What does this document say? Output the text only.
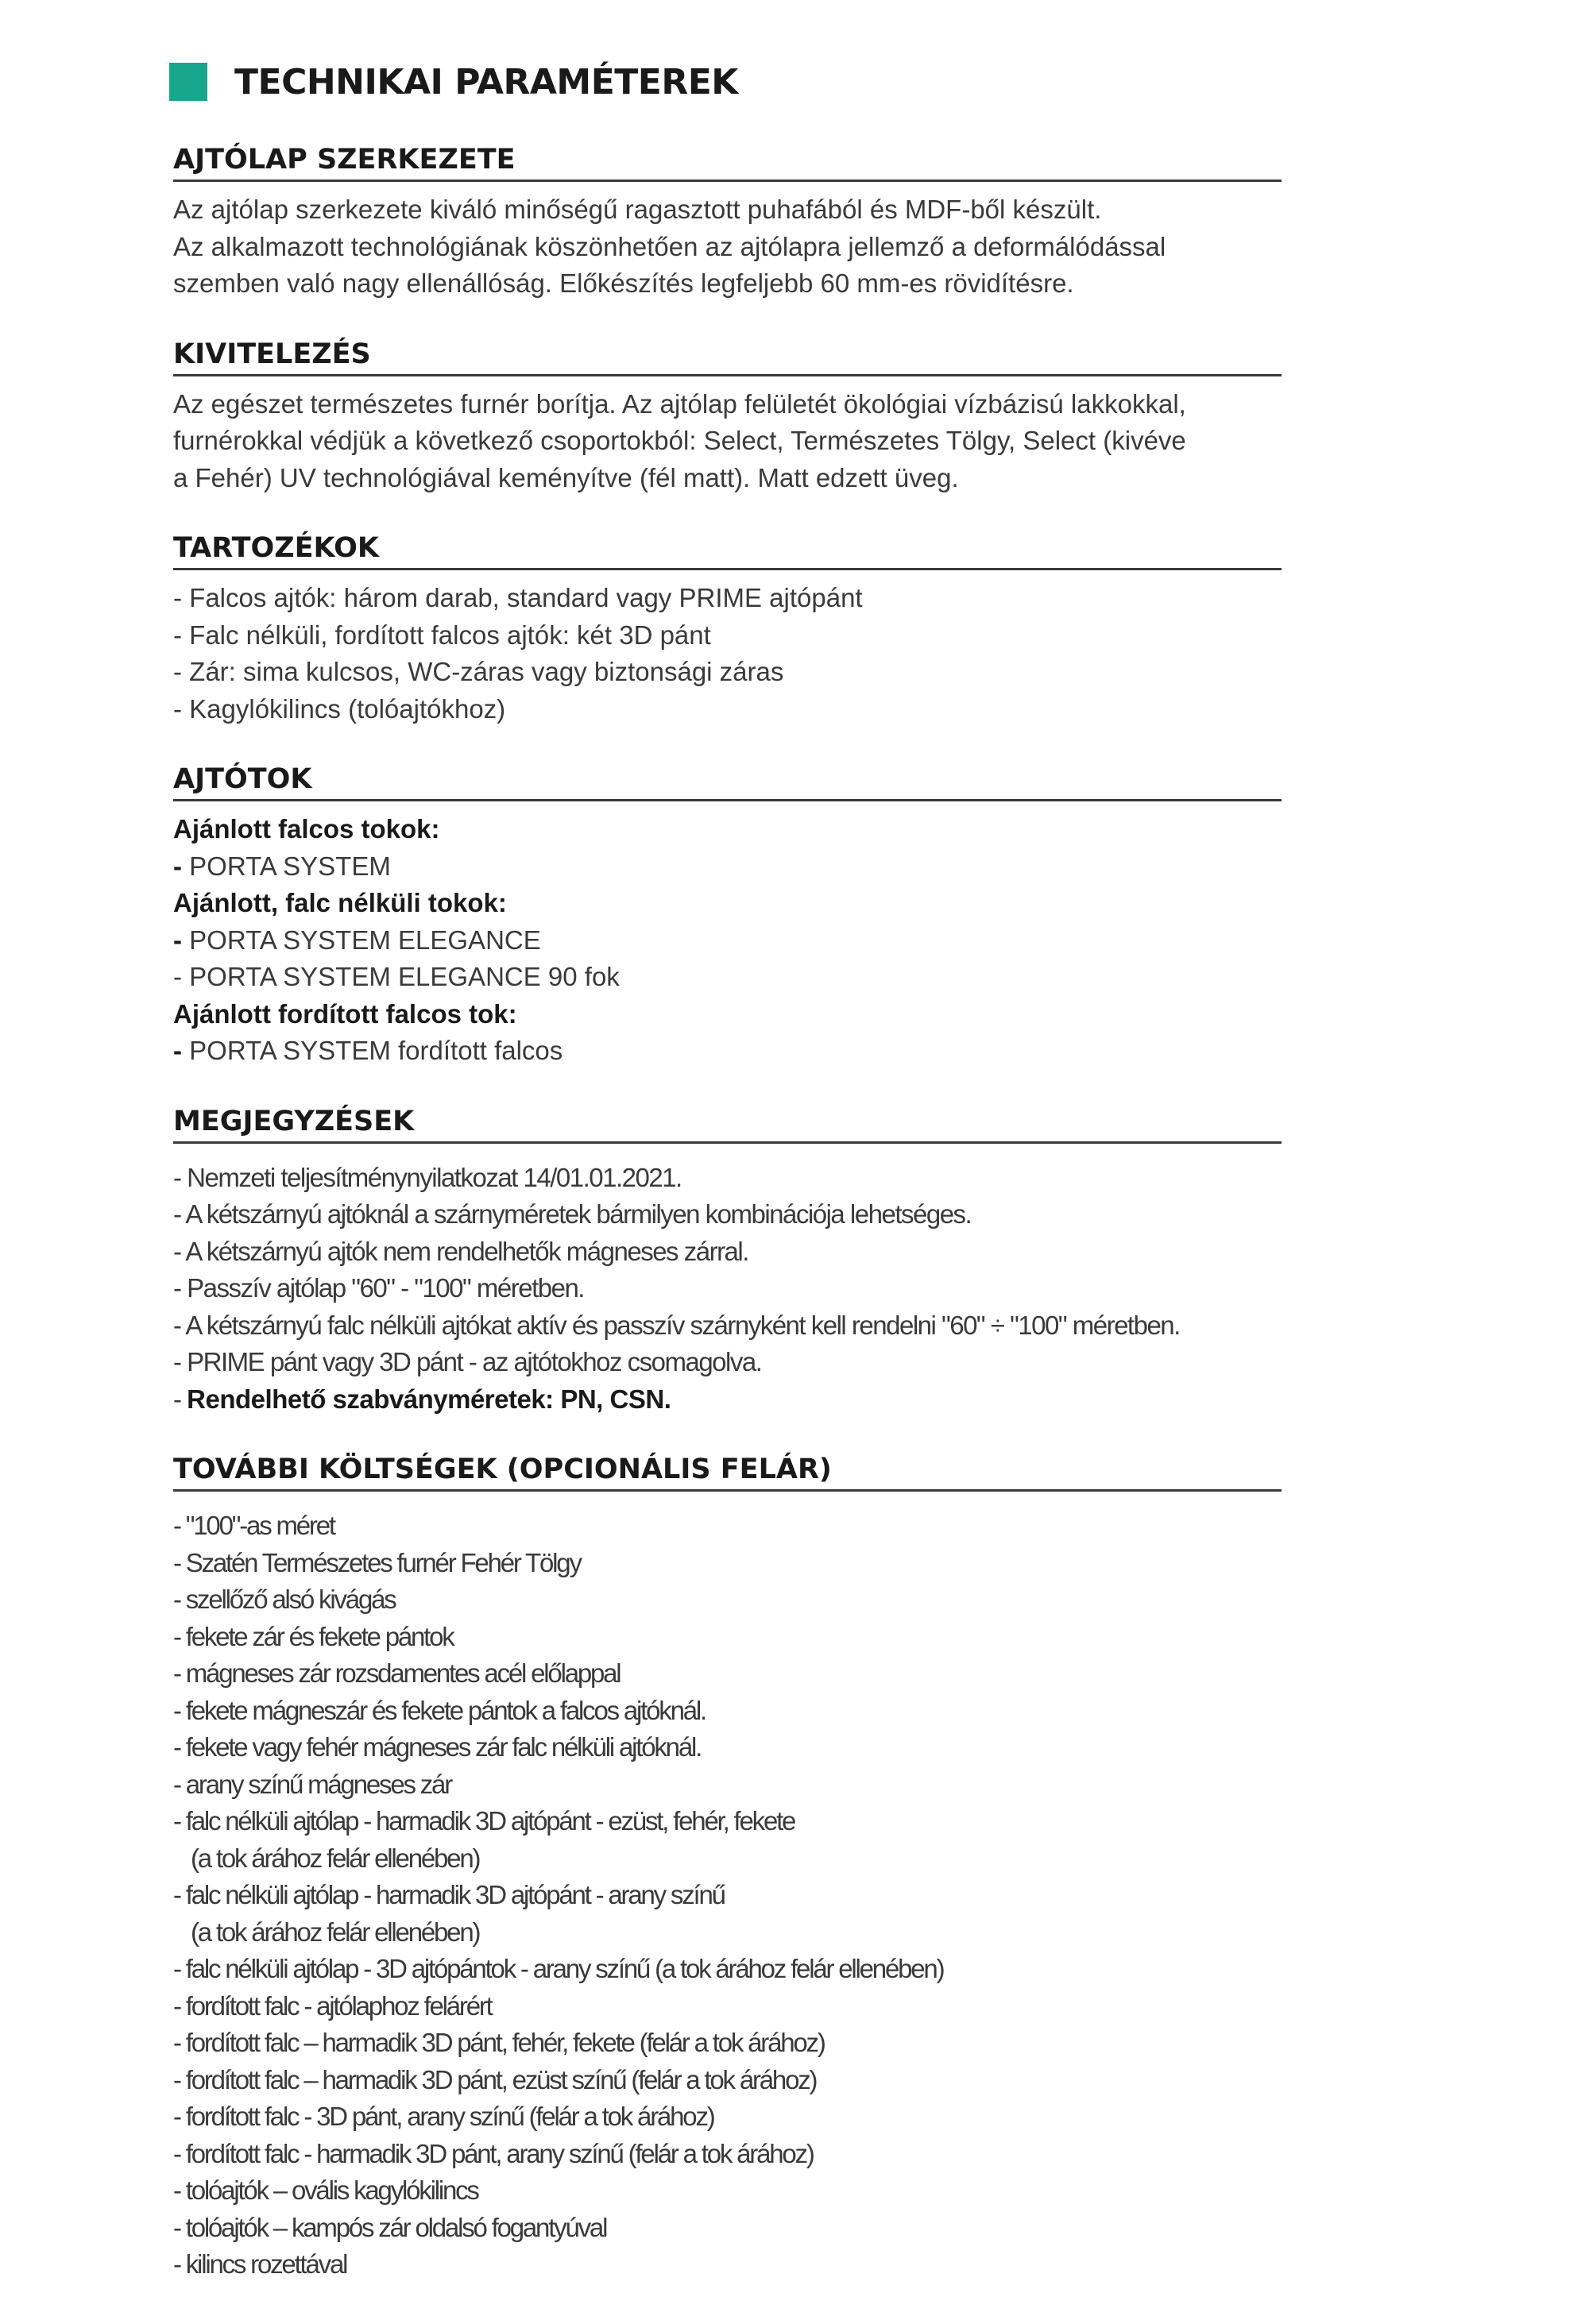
TECHNIKAI PARAMÉTEREK
AJTÓLAP SZERKEZETE
Az ajtólap szerkezete kiváló minőségű ragasztott puhafából és MDF-ből készült.
Az alkalmazott technológiának köszönhetően az ajtólapra jellemző a deformálódással
szemben való nagy ellenállóság. Előkészítés legfeljebb 60 mm-es rövidítésre.
KIVITELEZÉS
Az egészet természetes furnér borítja. Az ajtólap felületét ökológiai vízbázisú lakkokkal,
furnérokkal védjük a következő csoportokból: Select, Természetes Tölgy, Select (kivéve
a Fehér) UV technológiával keményítve (fél matt). Matt edzett üveg.
TARTOZÉKOK
- Falcos ajtók: három darab, standard vagy PRIME ajtópánt
- Falc nélküli, fordított falcos ajtók: két 3D pánt
- Zár: sima kulcsos, WC-záras vagy biztonsági záras
- Kagylókilincs (tolóajtókhoz)
AJTÓTOK
Ajánlott falcos tokok:
- PORTA SYSTEM
Ajánlott, falc nélküli tokok:
- PORTA SYSTEM ELEGANCE
- PORTA SYSTEM ELEGANCE 90 fok
Ajánlott fordított falcos tok:
- PORTA SYSTEM fordított falcos
MEGJEGYZÉSEK
- Nemzeti teljesítménynyilatkozat 14/01.01.2021.
- A kétszárnyú ajtóknál a szárnyméretek bármilyen kombinációja lehetséges.
- A kétszárnyú ajtók nem rendelhetők mágneses zárral.
- Passzív ajtólap "60" - "100" méretben.
- A kétszárnyú falc nélküli ajtókat aktív és passzív szárnyként kell rendelni "60" ÷ "100" méretben.
- PRIME pánt vagy 3D pánt - az ajtótokhoz csomagolva.
- Rendelhető szabványméretek: PN, CSN.
TOVÁBBI KÖLTSÉGEK (OPCIONÁLIS FELÁR)
- "100"-as méret
- Szatén Természetes furnér Fehér Tölgy
- szellőző alsó kivágás
- fekete zár és fekete pántok
- mágneses zár rozsdamentes acél előlappal
- fekete mágneszár és fekete pántok a falcos ajtóknál.
- fekete vagy fehér mágneses zár falc nélküli ajtóknál.
- arany színű mágneses zár
- falc nélküli ajtólap - harmadik 3D ajtópánt - ezüst, fehér, fekete
(a tok árához felár ellenében)
- falc nélküli ajtólap - harmadik 3D ajtópánt - arany színű
(a tok árához felár ellenében)
- falc nélküli ajtólap - 3D ajtópántok - arany színű (a tok árához felár ellenében)
- fordított falc - ajtólaphoz felárért
- fordított falc – harmadik 3D pánt, fehér, fekete (felár a tok árához)
- fordított falc – harmadik 3D pánt, ezüst színű (felár a tok árához)
- fordított falc - 3D pánt, arany színű (felár a tok árához)
- fordított falc - harmadik 3D pánt, arany színű (felár a tok árához)
- tolóajtók – ovális kagylókilincs
- tolóajtók – kampós zár oldalsó fogantyúval
- kilincs rozettával
